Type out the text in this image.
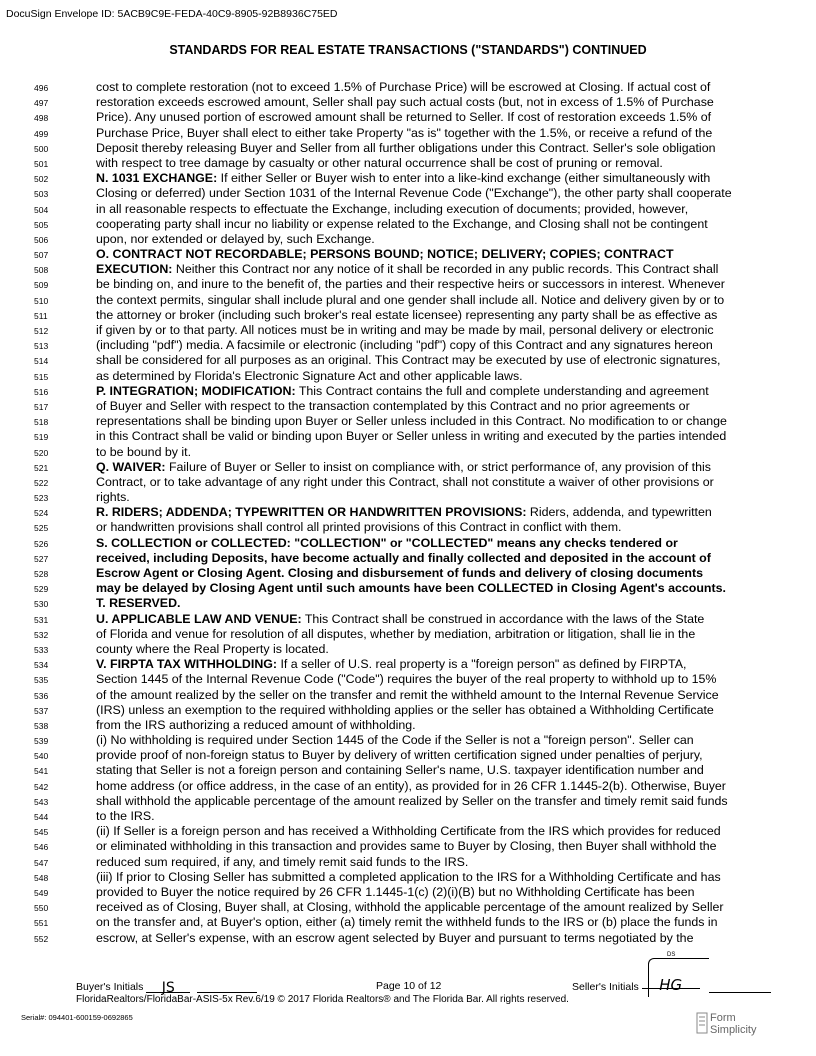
DocuSign Envelope ID: 5ACB9C9E-FEDA-40C9-8905-92B8936C75ED
STANDARDS FOR REAL ESTATE TRANSACTIONS ("STANDARDS") CONTINUED
496	cost to complete restoration (not to exceed 1.5% of Purchase Price) will be escrowed at Closing. If actual cost of
497	restoration exceeds escrowed amount, Seller shall pay such actual costs (but, not in excess of 1.5% of Purchase
498	Price). Any unused portion of escrowed amount shall be returned to Seller. If cost of restoration exceeds 1.5% of
499	Purchase Price, Buyer shall elect to either take Property "as is" together with the 1.5%, or receive a refund of the
500	Deposit thereby releasing Buyer and Seller from all further obligations under this Contract. Seller's sole obligation
501	with respect to tree damage by casualty or other natural occurrence shall be cost of pruning or removal.
502	N. 1031 EXCHANGE: If either Seller or Buyer wish to enter into a like-kind exchange (either simultaneously with
503	Closing or deferred) under Section 1031 of the Internal Revenue Code ("Exchange"), the other party shall cooperate
504	in all reasonable respects to effectuate the Exchange, including execution of documents; provided, however,
505	cooperating party shall incur no liability or expense related to the Exchange, and Closing shall not be contingent
506	upon, nor extended or delayed by, such Exchange.
507	O. CONTRACT NOT RECORDABLE; PERSONS BOUND; NOTICE; DELIVERY; COPIES; CONTRACT
508	EXECUTION: Neither this Contract nor any notice of it shall be recorded in any public records. This Contract shall
509	be binding on, and inure to the benefit of, the parties and their respective heirs or successors in interest. Whenever
510	the context permits, singular shall include plural and one gender shall include all. Notice and delivery given by or to
511	the attorney or broker (including such broker's real estate licensee) representing any party shall be as effective as
512	if given by or to that party. All notices must be in writing and may be made by mail, personal delivery or electronic
513	(including "pdf") media. A facsimile or electronic (including "pdf") copy of this Contract and any signatures hereon
514	shall be considered for all purposes as an original. This Contract may be executed by use of electronic signatures,
515	as determined by Florida's Electronic Signature Act and other applicable laws.
516	P. INTEGRATION; MODIFICATION: This Contract contains the full and complete understanding and agreement
517	of Buyer and Seller with respect to the transaction contemplated by this Contract and no prior agreements or
518	representations shall be binding upon Buyer or Seller unless included in this Contract. No modification to or change
519	in this Contract shall be valid or binding upon Buyer or Seller unless in writing and executed by the parties intended
520	to be bound by it.
521	Q. WAIVER: Failure of Buyer or Seller to insist on compliance with, or strict performance of, any provision of this
522	Contract, or to take advantage of any right under this Contract, shall not constitute a waiver of other provisions or
523	rights.
524	R. RIDERS; ADDENDA; TYPEWRITTEN OR HANDWRITTEN PROVISIONS: Riders, addenda, and typewritten
525	or handwritten provisions shall control all printed provisions of this Contract in conflict with them.
526	S. COLLECTION or COLLECTED: "COLLECTION" or "COLLECTED" means any checks tendered or
527	received, including Deposits, have become actually and finally collected and deposited in the account of
528	Escrow Agent or Closing Agent. Closing and disbursement of funds and delivery of closing documents
529	may be delayed by Closing Agent until such amounts have been COLLECTED in Closing Agent's accounts.
530	T. RESERVED.
531	U. APPLICABLE LAW AND VENUE: This Contract shall be construed in accordance with the laws of the State
532	of Florida and venue for resolution of all disputes, whether by mediation, arbitration or litigation, shall lie in the
533	county where the Real Property is located.
534	V. FIRPTA TAX WITHHOLDING: If a seller of U.S. real property is a "foreign person" as defined by FIRPTA,
535	Section 1445 of the Internal Revenue Code ("Code") requires the buyer of the real property to withhold up to 15%
536	of the amount realized by the seller on the transfer and remit the withheld amount to the Internal Revenue Service
537	(IRS) unless an exemption to the required withholding applies or the seller has obtained a Withholding Certificate
538	from the IRS authorizing a reduced amount of withholding.
539	(i) No withholding is required under Section 1445 of the Code if the Seller is not a "foreign person". Seller can
540	provide proof of non-foreign status to Buyer by delivery of written certification signed under penalties of perjury,
541	stating that Seller is not a foreign person and containing Seller's name, U.S. taxpayer identification number and
542	home address (or office address, in the case of an entity), as provided for in 26 CFR 1.1445-2(b). Otherwise, Buyer
543	shall withhold the applicable percentage of the amount realized by Seller on the transfer and timely remit said funds
544	to the IRS.
545	(ii) If Seller is a foreign person and has received a Withholding Certificate from the IRS which provides for reduced
546	or eliminated withholding in this transaction and provides same to Buyer by Closing, then Buyer shall withhold the
547	reduced sum required, if any, and timely remit said funds to the IRS.
548	(iii) If prior to Closing Seller has submitted a completed application to the IRS for a Withholding Certificate and has
549	provided to Buyer the notice required by 26 CFR 1.1445-1(c) (2)(i)(B) but no Withholding Certificate has been
550	received as of Closing, Buyer shall, at Closing, withhold the applicable percentage of the amount realized by Seller
551	on the transfer and, at Buyer's option, either (a) timely remit the withheld funds to the IRS or (b) place the funds in
552	escrow, at Seller's expense, with an escrow agent selected by Buyer and pursuant to terms negotiated by the
DS
Buyer's Initials JS	Page 10 of 12	Seller's Initials HG
FloridaRealtors/FloridaBar-ASIS-5x Rev.6/19 © 2017 Florida Realtors® and The Florida Bar. All rights reserved.
Serial#: 094401-600159-0692865	Form
Simplicity
